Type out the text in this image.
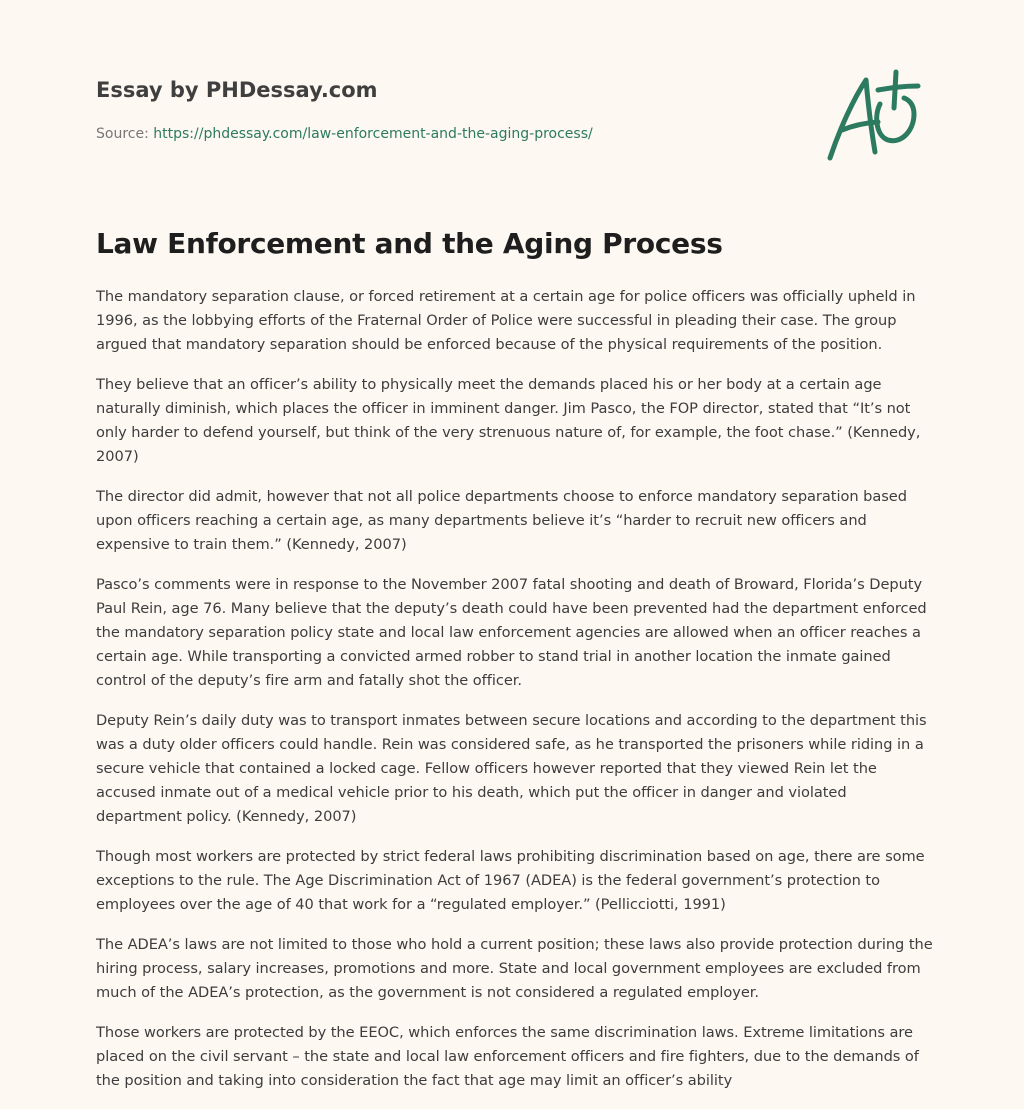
Essay by PHDessay.com
Source: https://phdessay.com/law-enforcement-and-the-aging-process/
Law Enforcement and the Aging Process

The mandatory separation clause, or forced retirement at a certain age for police officers was officially upheld in 1996, as the lobbying efforts of the Fraternal Order of Police were successful in pleading their case. The group argued that mandatory separation should be enforced because of the physical requirements of the position.

They believe that an officer’s ability to physically meet the demands placed his or her body at a certain age naturally diminish, which places the officer in imminent danger. Jim Pasco, the FOP director, stated that “It’s not only harder to defend yourself, but think of the very strenuous nature of, for example, the foot chase.” (Kennedy, 2007)

The director did admit, however that not all police departments choose to enforce mandatory separation based upon officers reaching a certain age, as many departments believe it’s “harder to recruit new officers and expensive to train them.” (Kennedy, 2007)

Pasco’s comments were in response to the November 2007 fatal shooting and death of Broward, Florida’s Deputy Paul Rein, age 76. Many believe that the deputy’s death could have been prevented had the department enforced the mandatory separation policy state and local law enforcement agencies are allowed when an officer reaches a certain age. While transporting a convicted armed robber to stand trial in another location the inmate gained control of the deputy’s fire arm and fatally shot the officer.

Deputy Rein’s daily duty was to transport inmates between secure locations and according to the department this was a duty older officers could handle. Rein was considered safe, as he transported the prisoners while riding in a secure vehicle that contained a locked cage. Fellow officers however reported that they viewed Rein let the accused inmate out of a medical vehicle prior to his death, which put the officer in danger and violated department policy. (Kennedy, 2007)

Though most workers are protected by strict federal laws prohibiting discrimination based on age, there are some exceptions to the rule. The Age Discrimination Act of 1967 (ADEA) is the federal government’s protection to employees over the age of 40 that work for a “regulated employer.” (Pellicciotti, 1991)

The ADEA’s laws are not limited to those who hold a current position; these laws also provide protection during the hiring process, salary increases, promotions and more. State and local government employees are excluded from much of the ADEA’s protection, as the government is not considered a regulated employer.

Those workers are protected by the EEOC, which enforces the same discrimination laws. Extreme limitations are placed on the civil servant – the state and local law enforcement officers and fire fighters, due to the demands of the position and taking into consideration the fact that age may limit an officer’s ability
